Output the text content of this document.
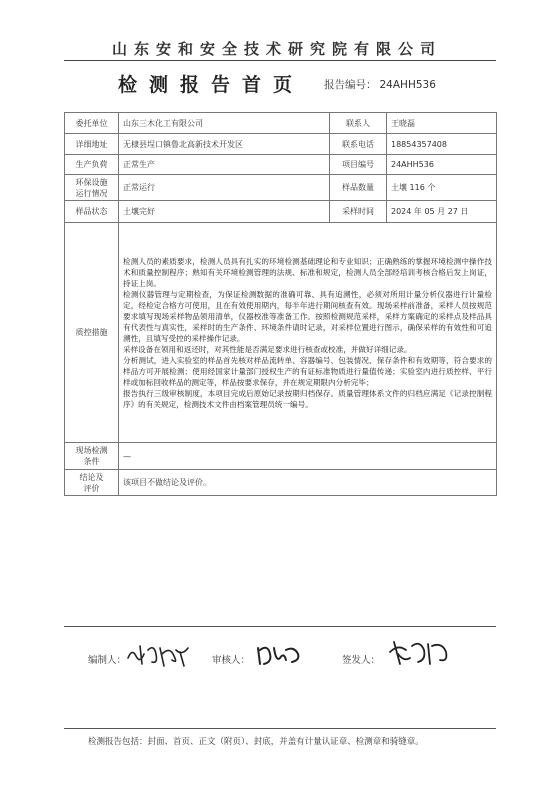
山东安和安全技术研究院有限公司
检测报告首页 报告编号： 24AHH536
委托单位	山东三木化工有限公司	联系人	王晓磊
详细地址	无棣县埕口镇鲁北高新技术开发区	联系电话	18854357408
生产负荷	正常生产	项目编号	24AHH536

环保设施
运行情况	正常运行	样品数量	土壤 116 个
样品状态	土壤完好	采样时间	2024 年 05 月 27 日
质控措施	检测人员的素质要求，检测人员具有扎实的环境检测基础理论和专业知识；正确熟练的掌握环境检测中操作技术和质量控制程序；熟知有关环境检测管理的法规、标准和规定，检测人员全部经培训考核合格后发上岗证，持证上岗。

检测仪器管理与定期检查，为保证检测数据的准确可靠、具有追溯性，必须对所用计量分析仪器进行计量检定，经检定合格方可使用，且在有效使用期内，每半年进行期间核查有效。现场采样前准备，采样人员按规范要求填写现场采样物品领用清单，仪器校准等准备工作。按照检测规范采样，采样方案确定的采样点及样品具有代表性与真实性，采样时的生产条件、环境条件请时记录，对采样位置进行图示，确保采样的有效性和可追溯性，且填写受控的采样操作记录。

采样设备在领用和返还时，对其性能是否满足要求进行核查或校准，并做好详细记录。

分析测试，进入实验室的样品首先核对样品流转单、容器编号、包装情况、保存条件和有效期等，符合要求的样品方可开展检测；使用经国家计量部门授权生产的有证标准物质进行量值传递；实验室内进行质控样、平行样或加标回收样品的测定等，样品按要求保存，并在规定期限内分析完毕；

报告执行三级审核制度，本项目完成后原始记录按期归档保存。质量管理体系文件的归档应满足《记录控制程序》的有关规定，检测技术文件由档案管理员统一编号。		

现场检测
条件	—		

结论及
评价	该项目不做结论及评价。		
编制人：	审核人：	签发人：
检测报告包括：封面、首页、正文（附页）、封底，并盖有计量认证章、检测章和骑缝章。
